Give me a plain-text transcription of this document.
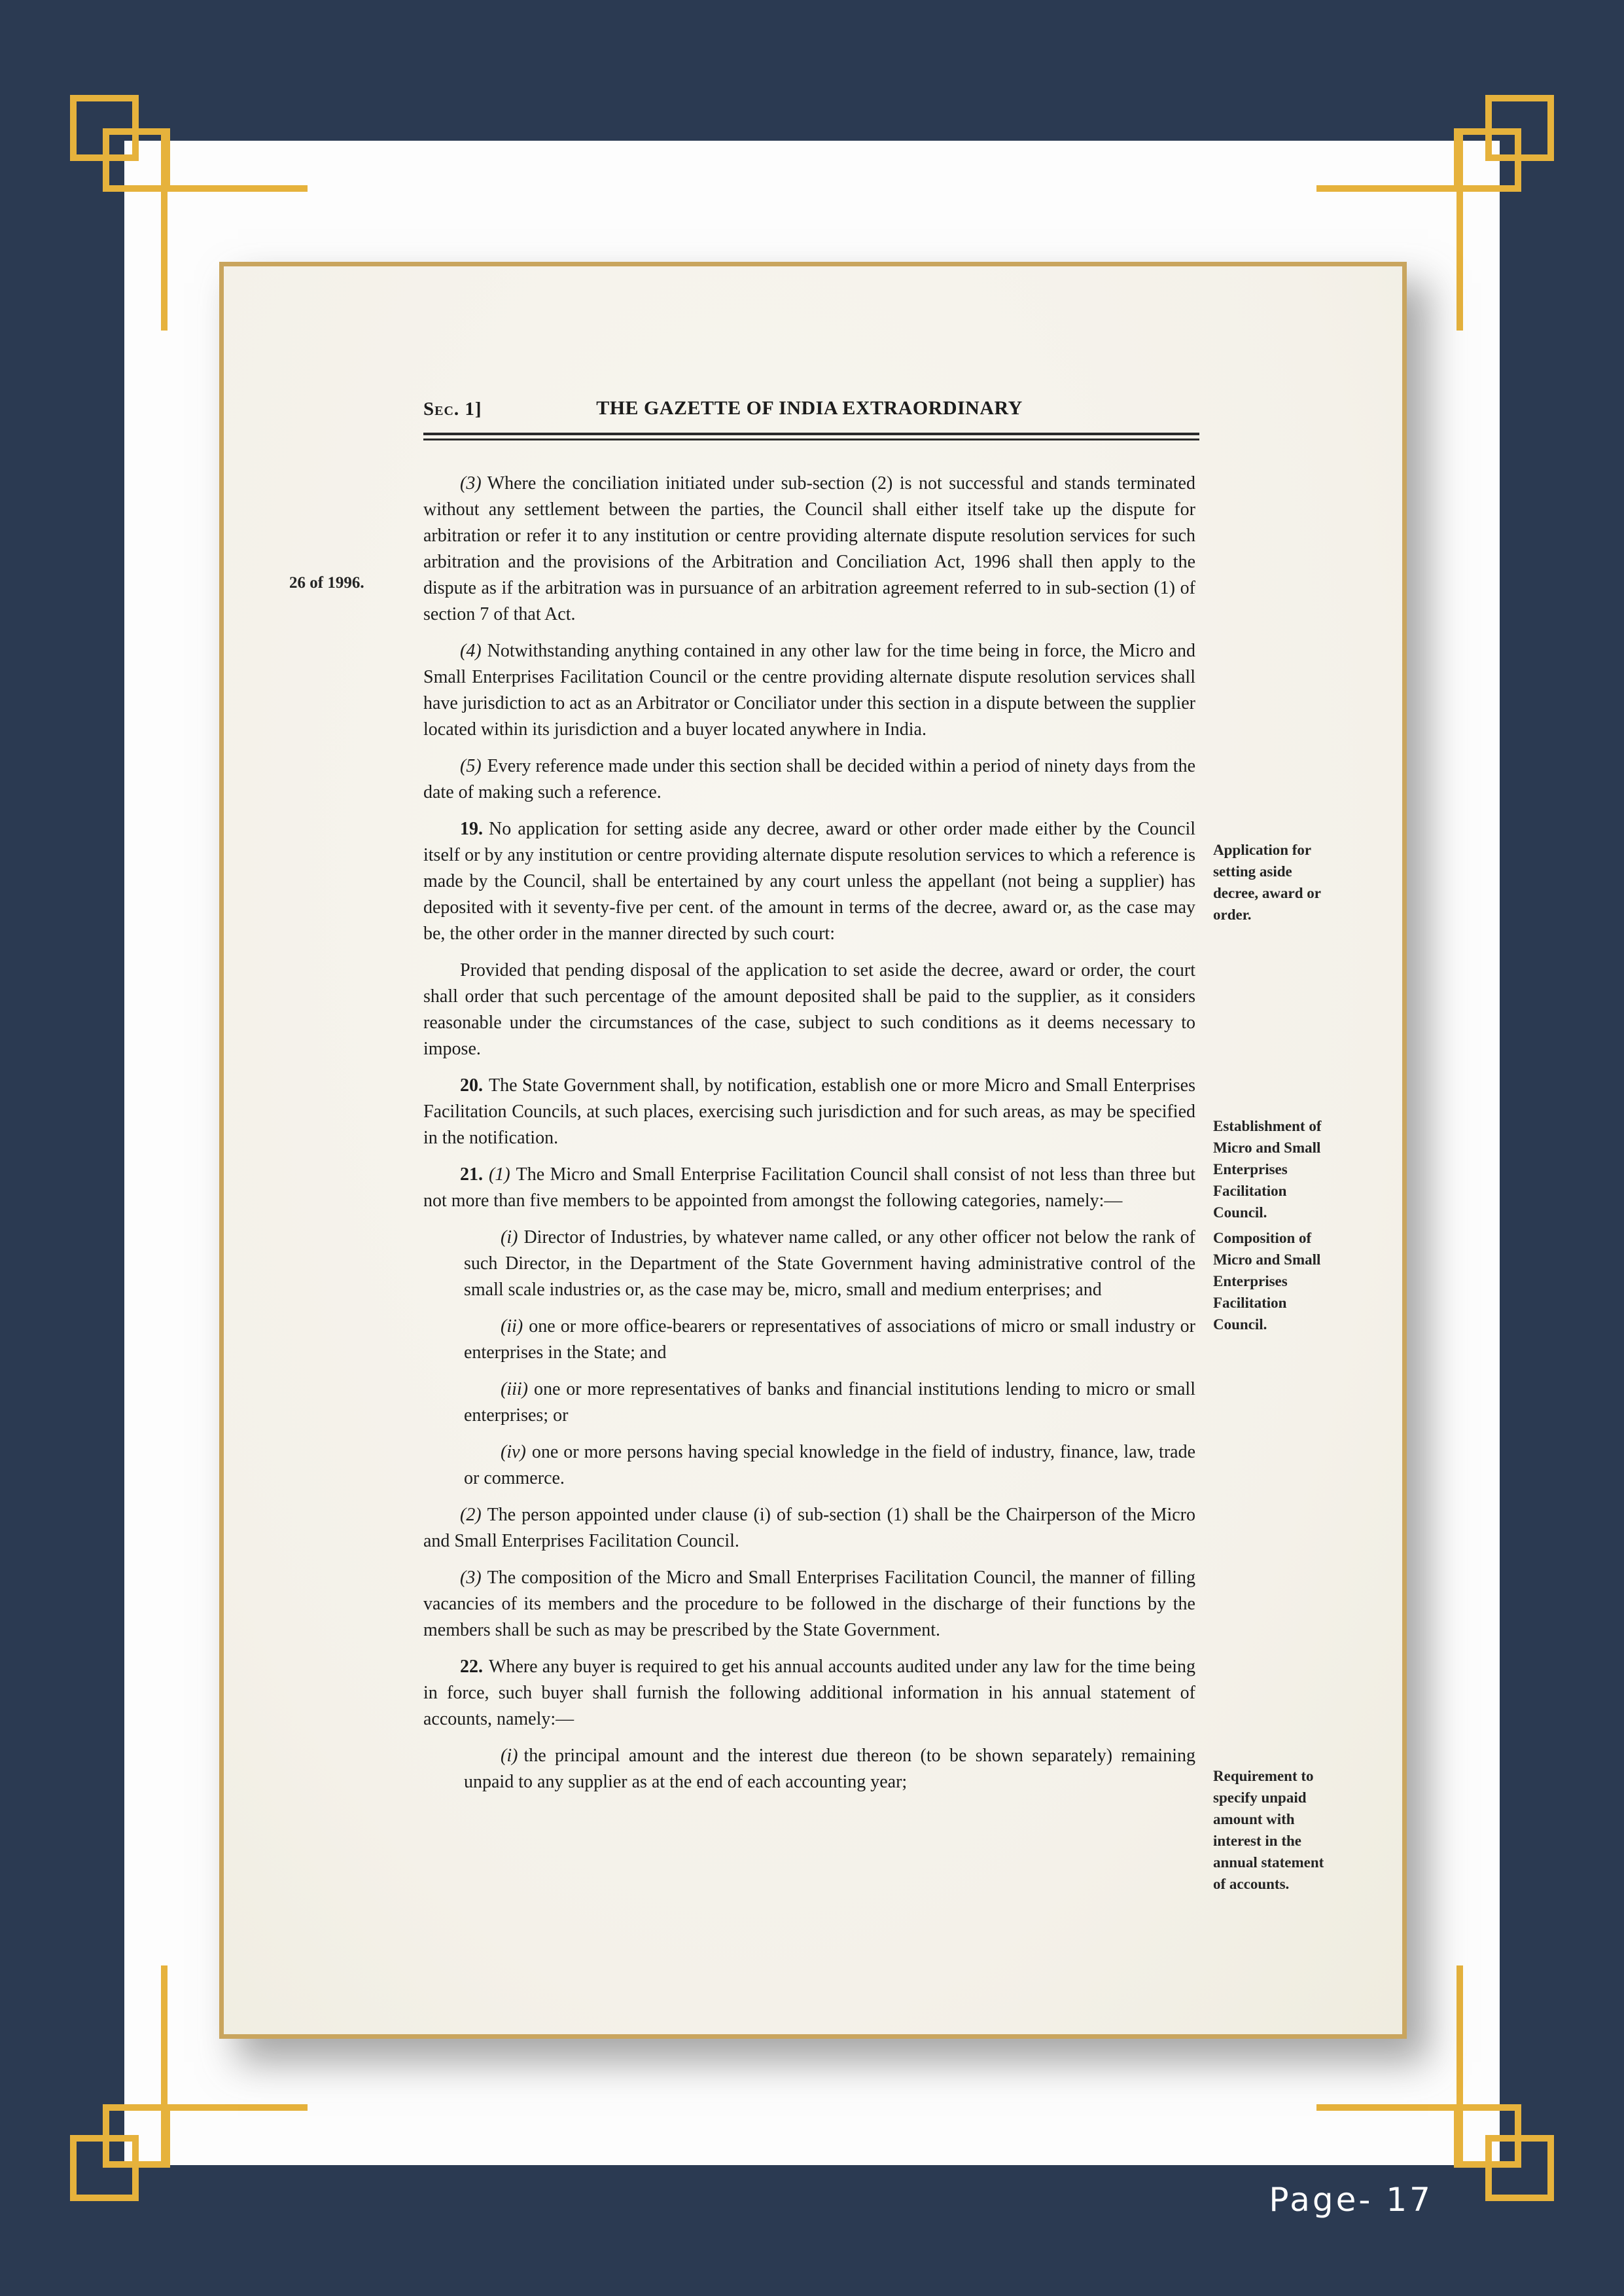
Sec. 1]	THE GAZETTE OF INDIA EXTRAORDINARY
26 of 1996.
Application for setting aside decree, award or order.
Establishment of Micro and Small Enterprises Facilitation Council.
Composition of Micro and Small Enterprises Facilitation Council.
Requirement to specify unpaid amount with interest in the annual statement of accounts.

(3) Where the conciliation initiated under sub-section (2) is not successful and stands terminated without any settlement between the parties, the Council shall either itself take up the dispute for arbitration or refer it to any institution or centre providing alternate dispute resolution services for such arbitration and the provisions of the Arbitration and Conciliation Act, 1996 shall then apply to the dispute as if the arbitration was in pursuance of an arbitration agreement referred to in sub-section (1) of section 7 of that Act.

(4) Notwithstanding anything contained in any other law for the time being in force, the Micro and Small Enterprises Facilitation Council or the centre providing alternate dispute resolution services shall have jurisdiction to act as an Arbitrator or Conciliator under this section in a dispute between the supplier located within its jurisdiction and a buyer located anywhere in India.

(5) Every reference made under this section shall be decided within a period of ninety days from the date of making such a reference.

19. No application for setting aside any decree, award or other order made either by the Council itself or by any institution or centre providing alternate dispute resolution services to which a reference is made by the Council, shall be entertained by any court unless the appellant (not being a supplier) has deposited with it seventy-five per cent. of the amount in terms of the decree, award or, as the case may be, the other order in the manner directed by such court:

Provided that pending disposal of the application to set aside the decree, award or order, the court shall order that such percentage of the amount deposited shall be paid to the supplier, as it considers reasonable under the circumstances of the case, subject to such conditions as it deems necessary to impose.

20. The State Government shall, by notification, establish one or more Micro and Small Enterprises Facilitation Councils, at such places, exercising such jurisdiction and for such areas, as may be specified in the notification.

21. (1) The Micro and Small Enterprise Facilitation Council shall consist of not less than three but not more than five members to be appointed from amongst the following categories, namely:—

(i) Director of Industries, by whatever name called, or any other officer not below the rank of such Director, in the Department of the State Government having administrative control of the small scale industries or, as the case may be, micro, small and medium enterprises; and

(ii) one or more office-bearers or representatives of associations of micro or small industry or enterprises in the State; and

(iii) one or more representatives of banks and financial institutions lending to micro or small enterprises; or

(iv) one or more persons having special knowledge in the field of industry, finance, law, trade or commerce.

(2) The person appointed under clause (i) of sub-section (1) shall be the Chairperson of the Micro and Small Enterprises Facilitation Council.

(3) The composition of the Micro and Small Enterprises Facilitation Council, the manner of filling vacancies of its members and the procedure to be followed in the discharge of their functions by the members shall be such as may be prescribed by the State Government.

22. Where any buyer is required to get his annual accounts audited under any law for the time being in force, such buyer shall furnish the following additional information in his annual statement of accounts, namely:—

(i) the principal amount and the interest due thereon (to be shown separately) remaining unpaid to any supplier as at the end of each accounting year;

Page- 17
